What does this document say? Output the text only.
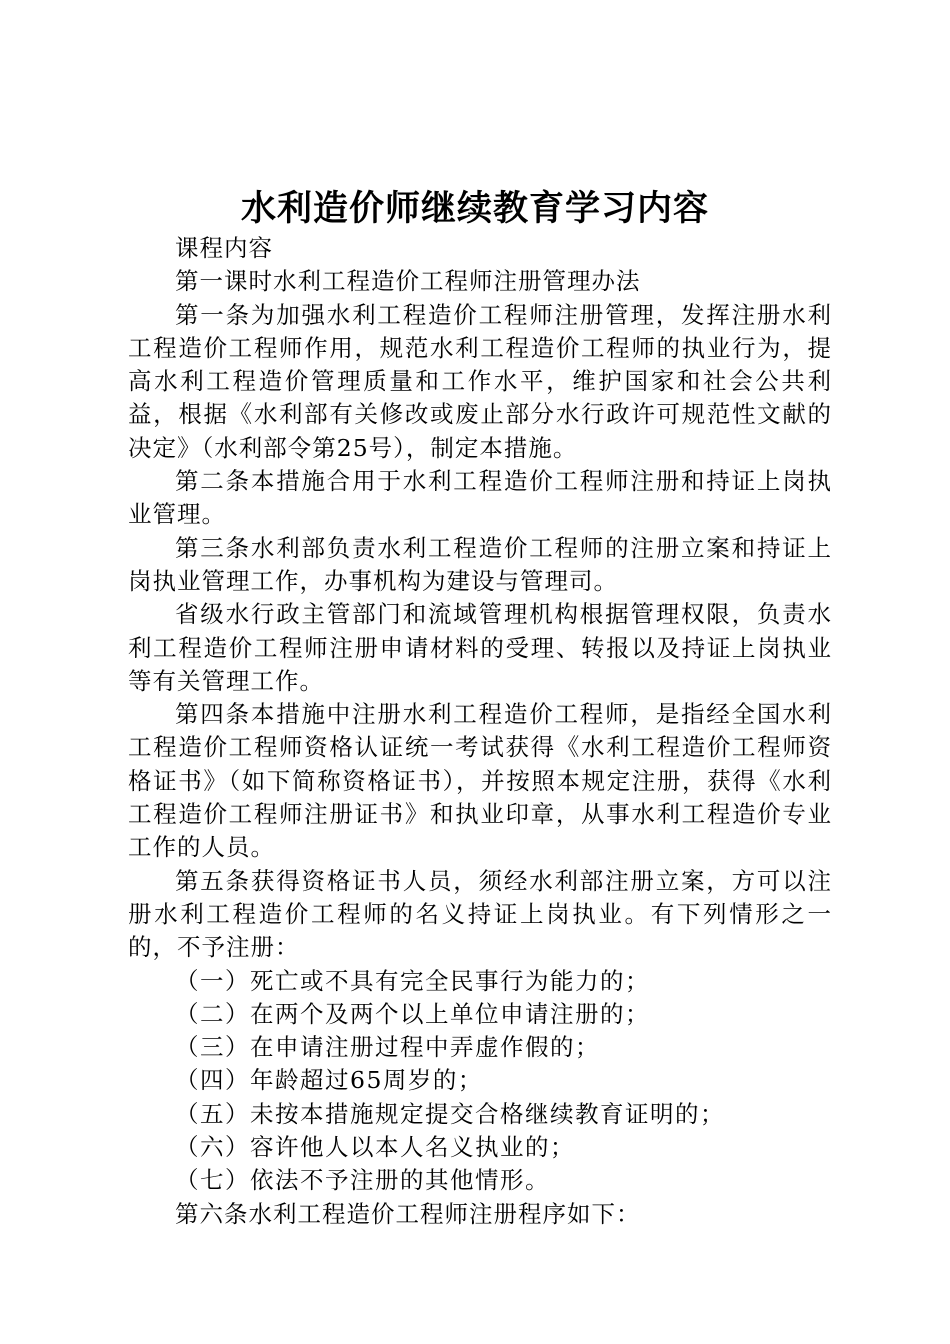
水利造价师继续教育学习内容

课程内容

第一课时水利工程造价工程师注册管理办法

第一条为加强水利工程造价工程师注册管理，发挥注册水利工程造价工程师作用，规范水利工程造价工程师的执业行为，提高水利工程造价管理质量和工作水平，维护国家和社会公共利益，根据《水利部有关修改或废止部分水行政许可规范性文献的决定》（水利部令第25号），制定本措施。

第二条本措施合用于水利工程造价工程师注册和持证上岗执业管理。

第三条水利部负责水利工程造价工程师的注册立案和持证上岗执业管理工作，办事机构为建设与管理司。

省级水行政主管部门和流域管理机构根据管理权限，负责水利工程造价工程师注册申请材料的受理、转报以及持证上岗执业等有关管理工作。

第四条本措施中注册水利工程造价工程师，是指经全国水利工程造价工程师资格认证统一考试获得《水利工程造价工程师资格证书》（如下简称资格证书），并按照本规定注册，获得《水利工程造价工程师注册证书》和执业印章，从事水利工程造价专业工作的人员。

第五条获得资格证书人员，须经水利部注册立案，方可以注册水利工程造价工程师的名义持证上岗执业。有下列情形之一的，不予注册：

（一）死亡或不具有完全民事行为能力的；

（二）在两个及两个以上单位申请注册的；

（三）在申请注册过程中弄虚作假的；

（四）年龄超过65周岁的；

（五）未按本措施规定提交合格继续教育证明的；

（六）容许他人以本人名义执业的；

（七）依法不予注册的其他情形。

第六条水利工程造价工程师注册程序如下：
